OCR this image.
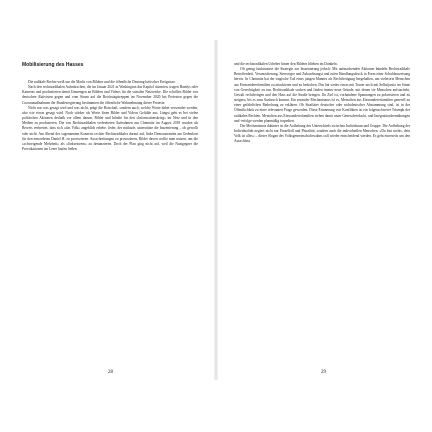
Mobilisierung des Hasses

Die radikale Rechte weiß um die Macht von Bildern und die öffentliche Deutung kritischer Ereignisse.

Nach den rechtsradikalen Aufmärschen, die im Januar 2021 in Washington das Kapitol stürmten, trugen Handys oder Kameras und produzierten damit Unmengen an Bildern und Videos für die sozialen Netzwerke. Die schrillen Bilder von deutschen Aktivisten gegen und vom Sturm auf die Reichstagstreppen im November 2020 bei Protesten gegen die Coronamaßnahmen der Bundesregierung bestimmten die öffentliche Wahrnehmung dieser Proteste.

Nicht nur was gesagt wird und was nicht, prägt die Botschaft, sondern auch, welche Worte dabei verwendet werden, also wie etwas gesagt wird. Noch stärker als Worte lösen Bilder und Videos Gefühle aus. Längst geht es bei vielen politischen Aktionen deshalb vor allem darum, Bilder und Inhalte für den »Informationskrieg« im Netz und in den Medien zu produzieren. Die von Rechtsradikalen verbreiteten Aufnahmen aus Chemnitz im August 2018 wurden als Beweis verbreitet, dass sich »das Volk« angeblich erhebe. Jeder, der mitlaufe, unterstütze die Inszenierung – ob gewollt oder nicht. Am Abend des sogenannten Konzerts rechter Rechtsradikaler darauf auf, linke Demonstranten am Gedenkort für den ermordeten Daniel H. zu provozieren. Ausschreitungen zu provozieren, Bilder davon wollte man nutzen, um die »schweigende Mehrheit« als »linksextrem« zu denunzieren. Doch der Plan ging nicht auf, weil die Nazigegner die Provokationen ins Leere laufen ließen.

und die rechtsradikalen Urheber hinter den Bildern blieben im Dunkeln.

Oft genug funktioniert die Strategie zur Inszenierung jedoch: Mit aufmachenden Aktionen bündeln Rechtsradikale Betroffenheit, Verunsicherung, Stereotype und Zukunftsangst und rufen Handlungsdruck in Form einer Schuldzuweisung hervor. In Chemnitz hat der tragische Tod eines jungen Mannes als Rechtfertigung hergehalten, um vielerorts Menschen aus Einwandererfamilien zu attackieren und zu bedrohen. Das hat weder etwas mit Trauer noch mit Selbstjustiz im Sinne von Gerechtigkeit zu tun. Rechtsradikale suchen und finden immer neue Gründe, mit denen sie Menschen aufstacheln, Gewalt rechtfertigen und den Hass auf die Straße bringen. Ihr Ziel ist, vorhandene Spannungen zu polarisieren und zu steigern, bis es zum Ausbruch kommt. Ein zentraler Mechanismus ist es, Menschen aus Einwandererfamilien generell zu einer gefährlichen Bedrohung zu erklären. Ob Straftäter deutscher oder nichtdeutscher Abstammung sind, ist in der Öffentlichkeit zu einer relevanten Frage geworden. Diese Erinnerung von Konflikten ist ein folgenschwerer Triumph der radikalen Rechten. Menschen aus Einwandererfamilien stehen damit unter Generalverdacht, und Integrationsbemühungen und -erfolge werden planmäßig torpediert.

Der Mechanismus dahinter ist die Aufhebung des Unterschieds zwischen Individuum und Gruppe. Die Aufhebung der Individualität negiert nicht nur Einzelfall und Pluralität, sondern auch die individuellen Menschen. »Du bist nichts, dein Volk ist alles« – dieser Slogan des Volksgemeinschaftswahns soll wieder entscheidend werden. Es geht einerseits um den Ausschluss

28	29
